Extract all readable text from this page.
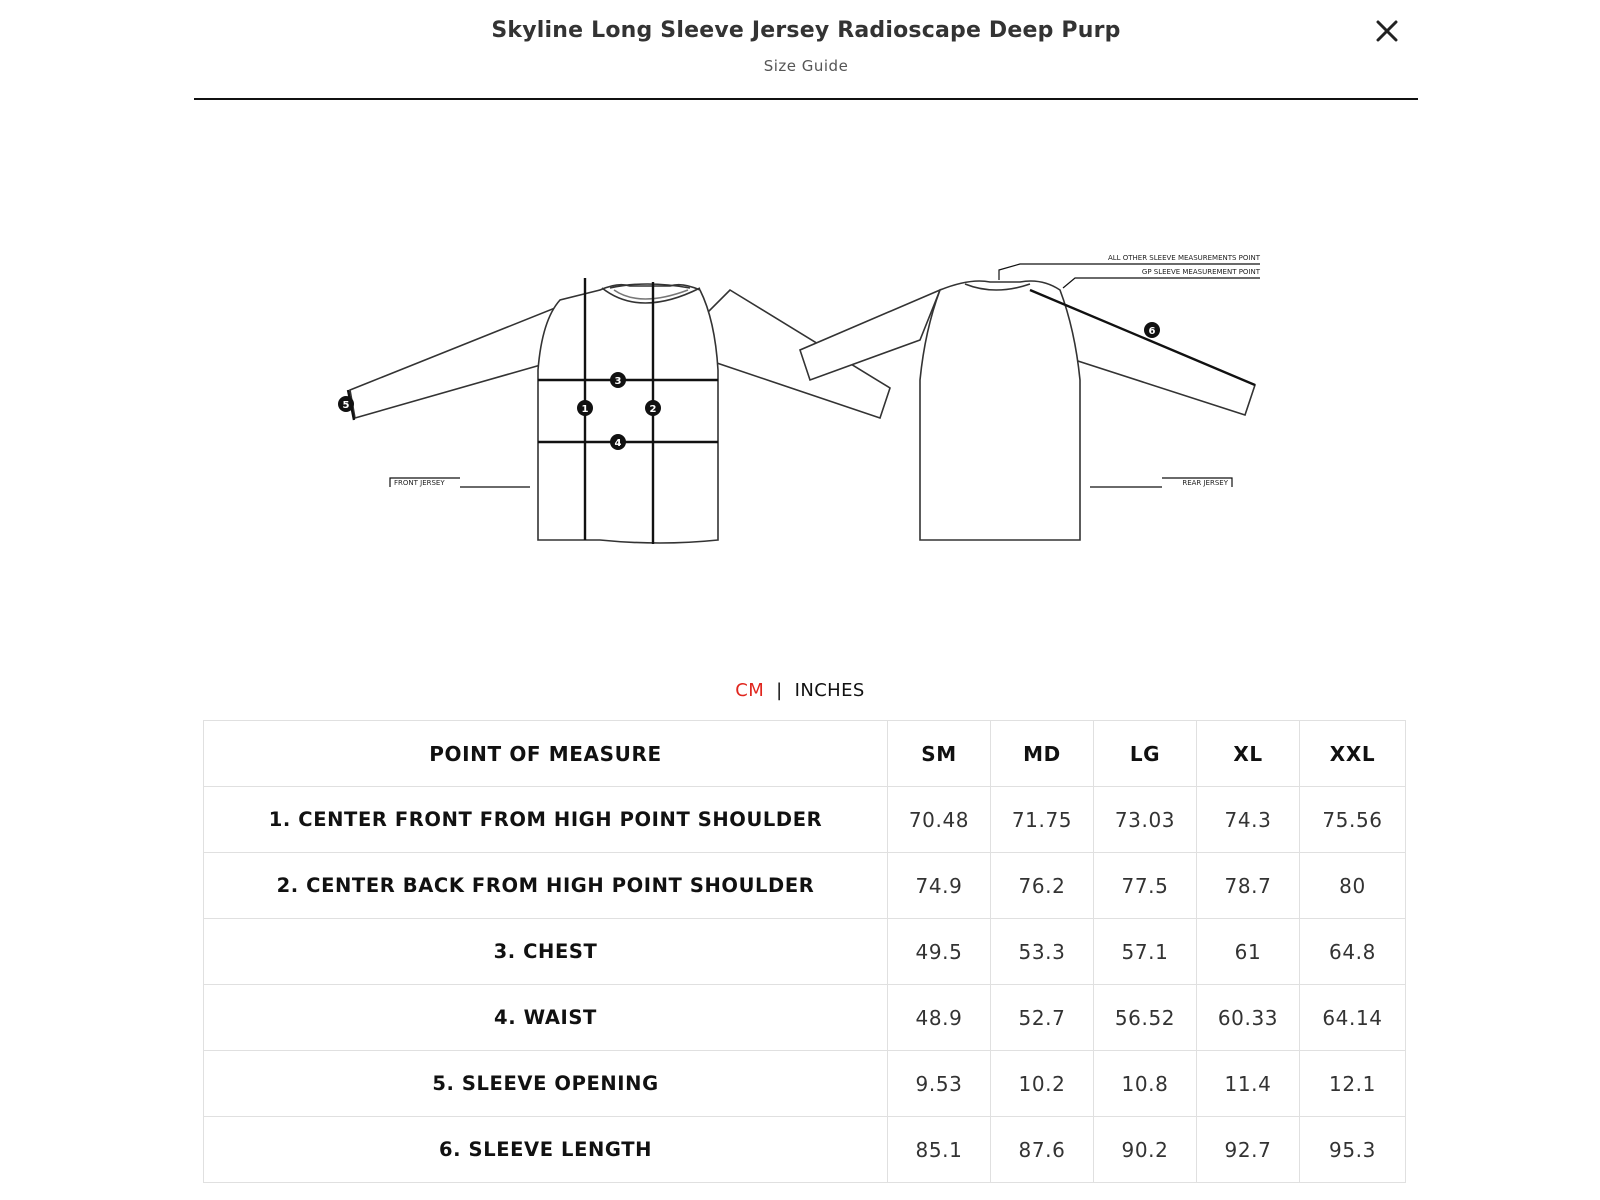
Skyline Long Sleeve Jersey Radioscape Deep Purp
Size Guide
3
1	2
4
5
6
FRONT JERSEY	REAR JERSEY
ALL OTHER SLEEVE MEASUREMENTS POINT
GP SLEEVE MEASUREMENT POINT
CM | INCHES
POINT OF MEASURE	SM	MD	LG	XL	XXL
1. CENTER FRONT FROM HIGH POINT SHOULDER	70.48	71.75	73.03	74.3	75.56
2. CENTER BACK FROM HIGH POINT SHOULDER	74.9	76.2	77.5	78.7	80
3. CHEST	49.5	53.3	57.1	61	64.8
4. WAIST	48.9	52.7	56.52	60.33	64.14
5. SLEEVE OPENING	9.53	10.2	10.8	11.4	12.1
6. SLEEVE LENGTH	85.1	87.6	90.2	92.7	95.3
